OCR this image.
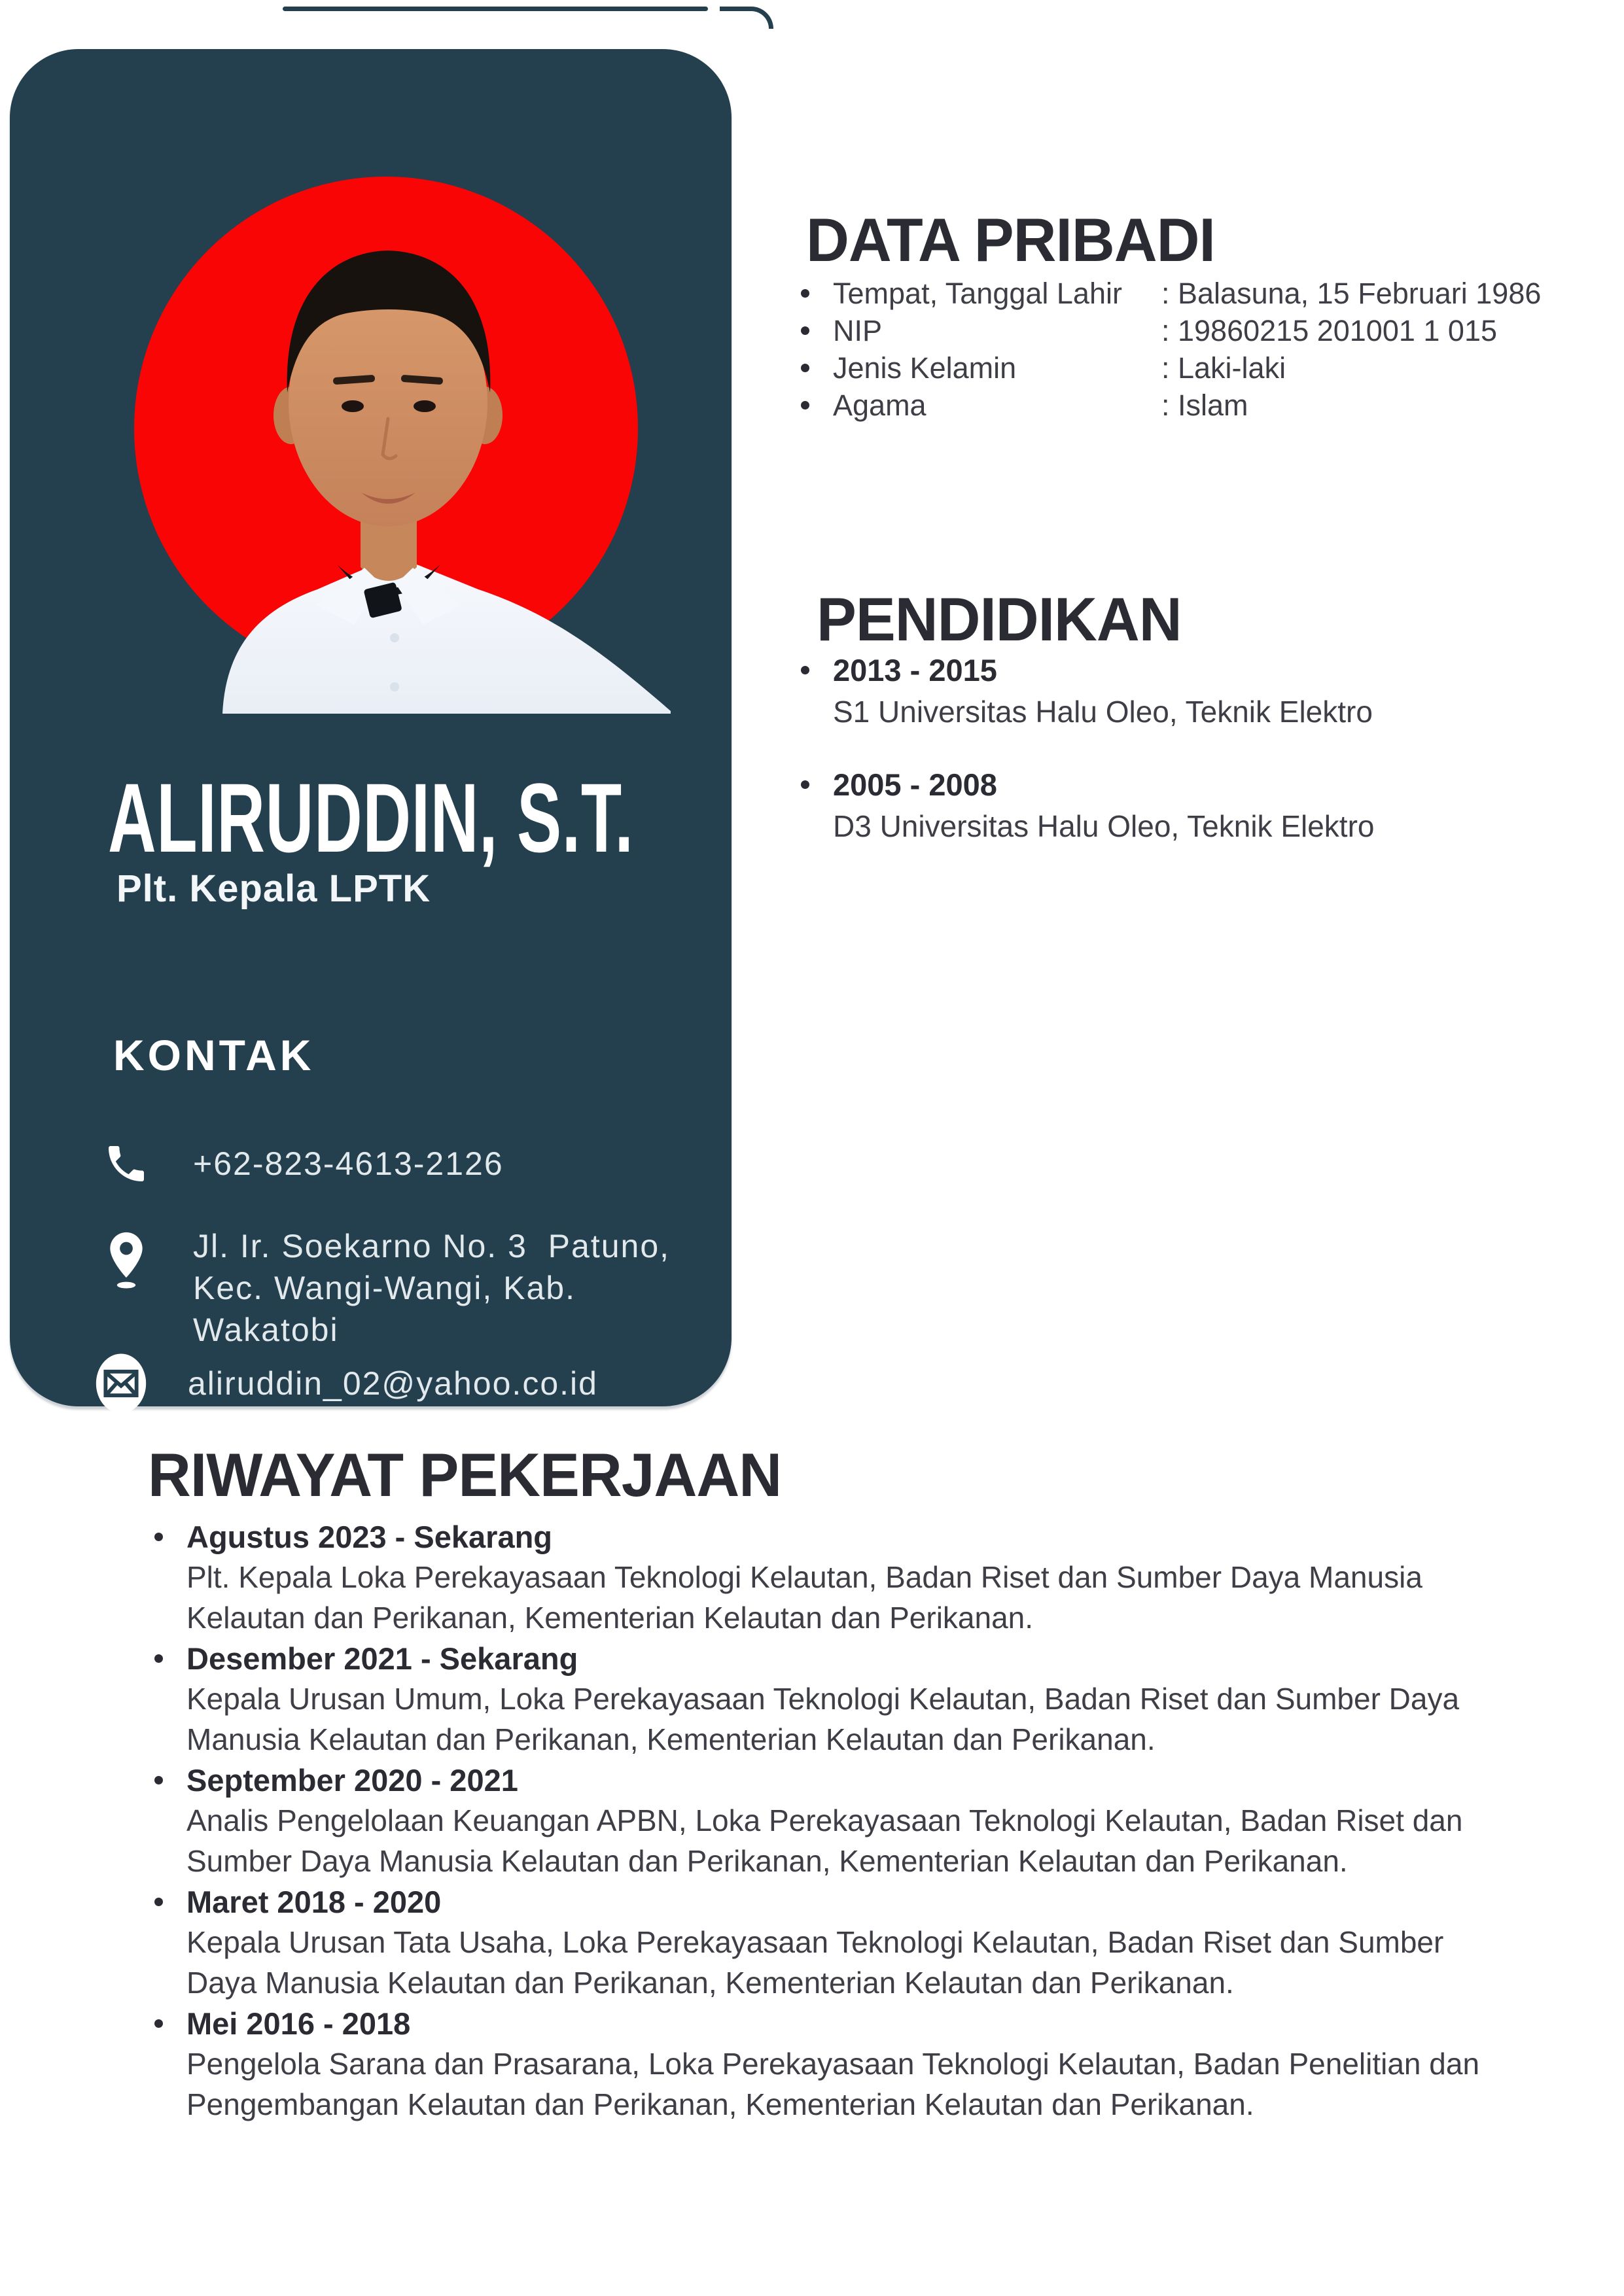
ALIRUDDIN, S.T.
Plt. Kepala LPTK
KONTAK
+62-823-4613-2126
Jl. Ir. Soekarno No. 3  Patuno,
Kec. Wangi-Wangi, Kab.
Wakatobi
aliruddin_02@yahoo.co.id
DATA PRIBADI
Tempat, Tanggal Lahir	: Balasuna, 15 Februari 1986
NIP	: 19860215 201001 1 015
Jenis Kelamin	: Laki-laki
Agama	: Islam
PENDIDIKAN
2013 - 2015
S1 Universitas Halu Oleo, Teknik Elektro
2005 - 2008
D3 Universitas Halu Oleo, Teknik Elektro
RIWAYAT PEKERJAAN
Agustus 2023 - Sekarang
Plt. Kepala Loka Perekayasaan Teknologi Kelautan, Badan Riset dan Sumber Daya Manusia Kelautan dan Perikanan, Kementerian Kelautan dan Perikanan.
Desember 2021 - Sekarang
Kepala Urusan Umum, Loka Perekayasaan Teknologi Kelautan, Badan Riset dan Sumber Daya Manusia Kelautan dan Perikanan, Kementerian Kelautan dan Perikanan.
September 2020 - 2021
Analis Pengelolaan Keuangan APBN, Loka Perekayasaan Teknologi Kelautan, Badan Riset dan Sumber Daya Manusia Kelautan dan Perikanan, Kementerian Kelautan dan Perikanan.
Maret 2018 - 2020
Kepala Urusan Tata Usaha, Loka Perekayasaan Teknologi Kelautan, Badan Riset dan Sumber Daya Manusia Kelautan dan Perikanan, Kementerian Kelautan dan Perikanan.
Mei 2016 - 2018
Pengelola Sarana dan Prasarana, Loka Perekayasaan Teknologi Kelautan, Badan Penelitian dan Pengembangan Kelautan dan Perikanan, Kementerian Kelautan dan Perikanan.
